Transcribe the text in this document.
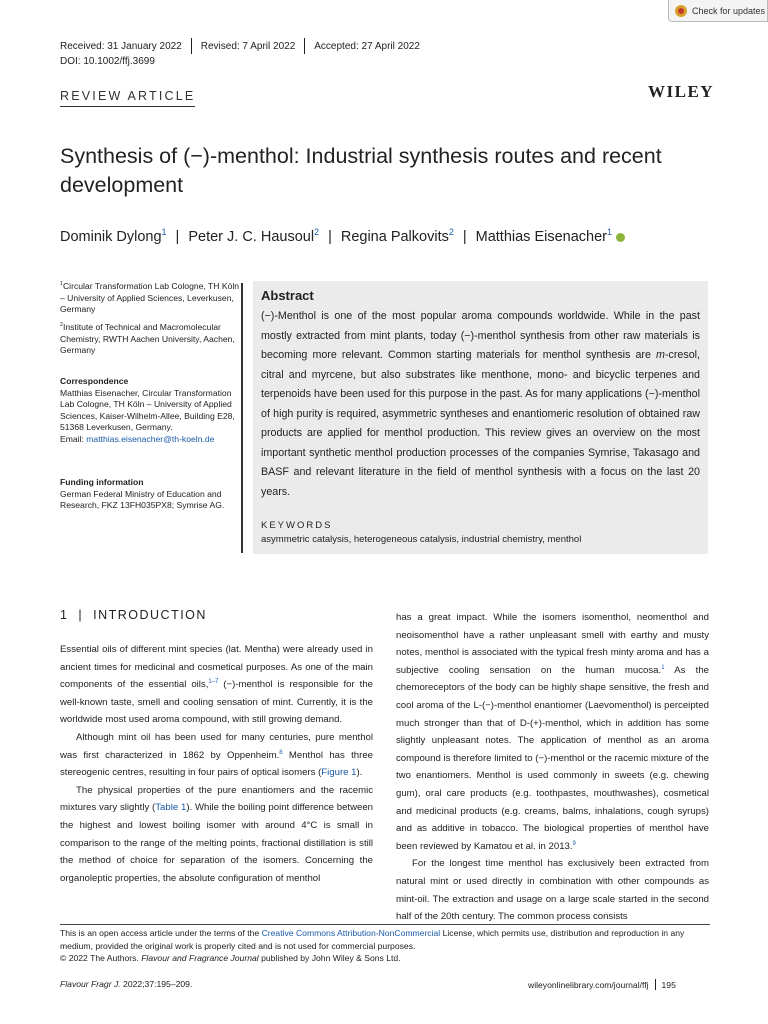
Check for updates
Received: 31 January 2022	Revised: 7 April 2022	Accepted: 27 April 2022
DOI: 10.1002/ffj.3699
REVIEW ARTICLE	WILEY
Synthesis of (−)-menthol: Industrial synthesis routes and recent development
Dominik Dylong$^1$ | Peter J. C. Hausoul$^2$ | Regina Palkovits$^2$ | Matthias Eisenacher$^1$
$^1$Circular Transformation Lab Cologne, TH Köln – University of Applied Sciences, Leverkusen, Germany
$^2$Institute of Technical and Macromolecular Chemistry, RWTH Aachen University, Aachen, Germany
Correspondence
Matthias Eisenacher, Circular Transformation Lab Cologne, TH Köln – University of Applied Sciences, Kaiser-Wilhelm-Allee, Building E28, 51368 Leverkusen, Germany.
Email: matthias.eisenacher@th-koeln.de
Funding information
German Federal Ministry of Education and Research, FKZ 13FH035PX8; Symrise AG.
Abstract
(−)-Menthol is one of the most popular aroma compounds worldwide. While in the past mostly extracted from mint plants, today (−)-menthol synthesis from other raw materials is becoming more relevant. Common starting materials for menthol synthesis are m-cresol, citral and myrcene, but also substrates like menthone, mono- and bicyclic terpenes and terpenoids have been used for this purpose in the past. As for many applications (−)-menthol of high purity is required, asymmetric syntheses and enantiomeric resolution of obtained raw products are applied for menthol production. This review gives an overview on the most important synthetic menthol production processes of the companies Symrise, Takasago and BASF and relevant literature in the field of menthol synthesis with a focus on the last 20 years.
KEYWORDS
asymmetric catalysis, heterogeneous catalysis, industrial chemistry, menthol
1 | INTRODUCTION

Essential oils of different mint species (lat. Mentha) were already used in ancient times for medicinal and cosmetical purposes. As one of the main components of the essential oils,$^{1-7}$ (−)-menthol is responsible for the well-known taste, smell and cooling sensation of mint. Currently, it is the worldwide most used aroma compound, with still growing demand.

Although mint oil has been used for many centuries, pure menthol was first characterized in 1862 by Oppenheim.$^8$ Menthol has three stereogenic centres, resulting in four pairs of optical isomers (Figure 1).

The physical properties of the pure enantiomers and the racemic mixtures vary slightly (Table 1). While the boiling point difference between the highest and lowest boiling isomer with around 4°C is small in comparison to the range of the melting points, fractional distillation is still the method of choice for separation of the isomers. Concerning the organoleptic properties, the absolute configuration of menthol

has a great impact. While the isomers isomenthol, neomenthol and neoisomenthol have a rather unpleasant smell with earthy and musty notes, menthol is associated with the typical fresh minty aroma and has a subjective cooling sensation on the human mucosa.$^1$ As the chemoreceptors of the body can be highly shape sensitive, the fresh and cool aroma of the L-(−)-menthol enantiomer (Laevomenthol) is perceipted much stronger than that of D-(+)-menthol, which in addition has some slightly unpleasant notes. The application of menthol as an aroma compound is therefore limited to (−)-menthol or the racemic mixture of the two enantiomers. Menthol is used commonly in sweets (e.g. chewing gum), oral care products (e.g. toothpastes, mouthwashes), cosmetical and medicinal products (e.g. creams, balms, inhalations, cough syrups) and as additive in tobacco. The biological properties of menthol have been reviewed by Kamatou et al. in 2013.$^9$

For the longest time menthol has exclusively been extracted from natural mint or used directly in combination with other compounds as mint-oil. The extraction and usage on a large scale started in the second half of the 20th century. The common process consists

This is an open access article under the terms of the Creative Commons Attribution-NonCommercial License, which permits use, distribution and reproduction in any medium, provided the original work is properly cited and is not used for commercial purposes.
© 2022 The Authors. Flavour and Fragrance Journal published by John Wiley & Sons Ltd.
Flavour Fragr J. 2022;37:195–209.	wileyonlinelibrary.com/journal/ffj 195
